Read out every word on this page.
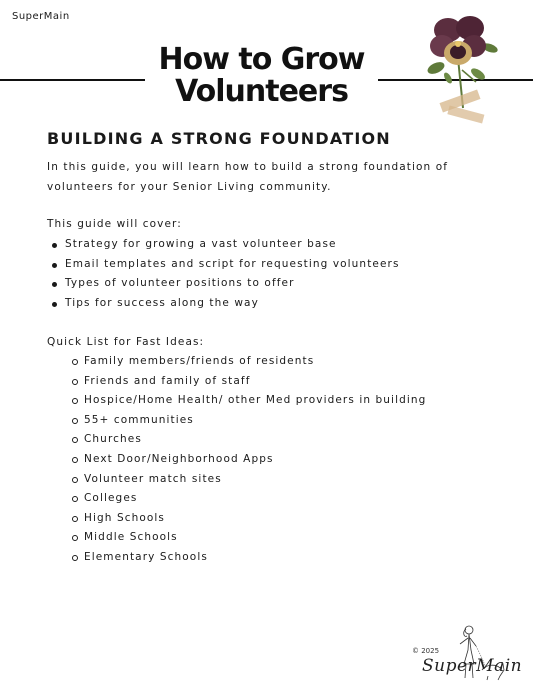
SuperMain
How to Grow
Volunteers
BUILDING A STRONG FOUNDATION

In this guide, you will learn how to build a strong foundation of volunteers for your Senior Living community.

This guide will cover:
Strategy for growing a vast volunteer base
Email templates and script for requesting volunteers
Types of volunteer positions to offer
Tips for success along the way
Quick List for Fast Ideas:
Family members/friends of residents
Friends and family of staff
Hospice/Home Health/ other Med providers in building
55+ communities
Churches
Next Door/Neighborhood Apps
Volunteer match sites
Colleges
High Schools
Middle Schools
Elementary Schools
© 2025
SuperMain
